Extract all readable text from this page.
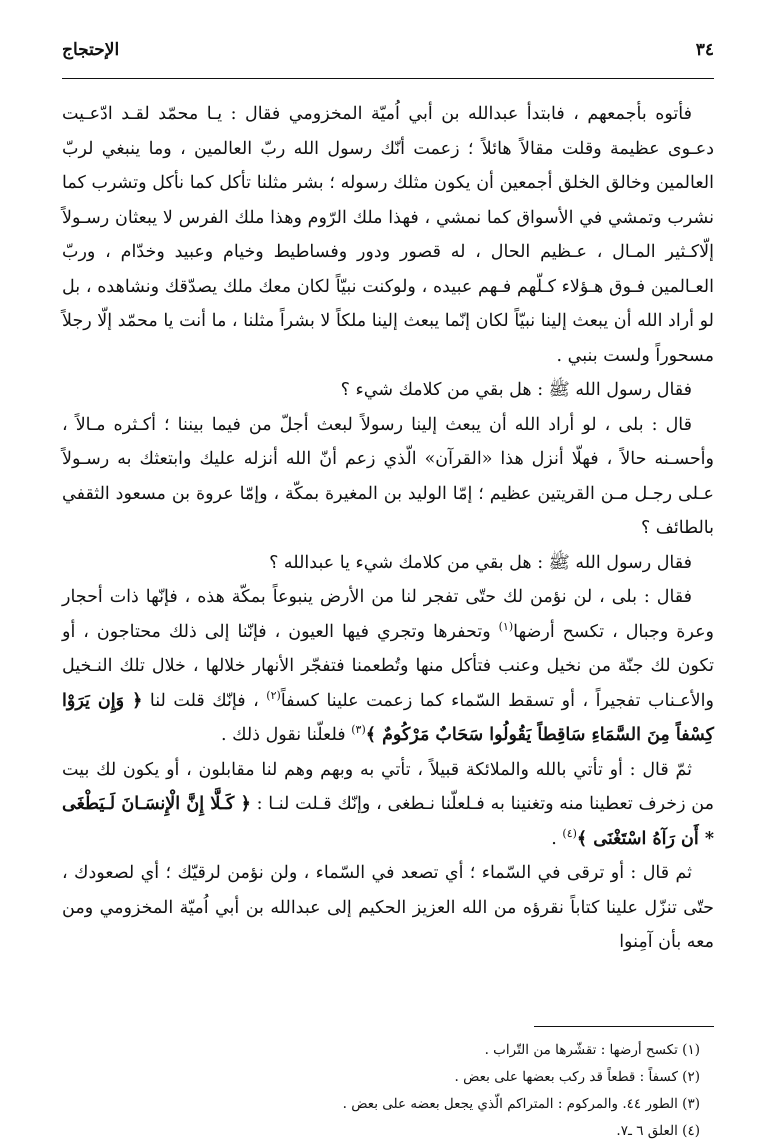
٣٤
الإحتجاج

فأتوه بأجمعهم ، فابتدأ عبدالله بن أبي اُميّة المخزومي فقال : يـا محمّد لقـد ادّعـيت دعـوى عظيمة وقلت مقالاً هائلاً ؛ زعمت أنّك رسول الله ربّ العالمين ، وما ينبغي لربّ العالمين وخالق الخلق أجمعين أن يكون مثلك رسوله ؛ بشر مثلنا تأكل كما نأكل وتشرب كما نشرب وتمشي في الأسواق كما نمشي ، فهذا ملك الرّوم وهذا ملك الفرس لا يبعثان رسـولاً إلّاكـثير المـال ، عـظيم الحال ، له قصور ودور وفساطيط وخيام وعبيد وخدّام ، وربّ العـالمين فـوق هـؤلاء كـلّهم فـهم عبيده ، ولوكنت نبيّاً لكان معك ملك يصدّقك ونشاهده ، بل لو أراد الله أن يبعث إلينا نبيّاً لكان إنّما يبعث إلينا ملكاً لا بشراً مثلنا ، ما أنت يا محمّد إلّا رجلاً مسحوراً ولست بنبي .

فقال رسول الله ﷺ : هل بقي من كلامك شيء ؟

قال : بلى ، لو أراد الله أن يبعث إلينا رسولاً لبعث أجلّ من فيما بيننا ؛ أكـثره مـالاً ، وأحسـنه حالاً ، فهلّا أنزل هذا «القرآن» الّذي زعم أنّ الله أنزله عليك وابتعثك به رسـولاً عـلى رجـل مـن القريتين عظيم ؛ إمّا الوليد بن المغيرة بمكّة ، وإمّا عروة بن مسعود الثقفي بالطائف ؟

فقال رسول الله ﷺ : هل بقي من كلامك شيء يا عبدالله ؟

فقال : بلى ، لن نؤمن لك حتّى تفجر لنا من الأرض ينبوعاً بمكّة هذه ، فإنّها ذات أحجار وعرة وجبال ، تكسح أرضها$^{(١)}$ وتحفرها وتجري فيها العيون ، فإنّنا إلى ذلك محتاجون ، أو تكون لك جنّة من نخيل وعنب فتأكل منها وتُطعمنا فتفجّر الأنهار خلالها ، خلال تلك النـخيل والأعـناب تفجيراً ، أو تسقط السّماء كما زعمت علينا كسفاً$^{(٢)}$ ، فإنّك قلت لنا ﴿ وَإِن يَرَوْا كِسْفاً مِنَ السَّمَاءِ سَاقِطاً يَقُولُوا سَحَابٌ مَرْكُومٌ ﴾$^{(٣)}$ فلعلّنا نقول ذلك .

ثمّ قال : أو تأتي بالله والملائكة قبيلاً ، تأتي به وبهم وهم لنا مقابلون ، أو يكون لك بيت من زخرف تعطينا منه وتغنينا به فـلعلّنا نـطغى ، وإنّك قـلت لنـا : ﴿ كَـلَّا إِنَّ الْإِنسَـانَ لَـيَطْغَى * أَن رَآهُ اسْتَغْنَى ﴾$^{(٤)}$ .

ثم قال : أو ترقى في السّماء ؛ أي تصعد في السّماء ، ولن نؤمن لرقيّك ؛ أي لصعودك ، حتّى تنزّل علينا كتاباً نقرؤه من الله العزيز الحكيم إلى عبدالله بن أبي اُميّة المخزومي ومن معه بأن آمِنوا

(١) تكسح أرضها : تقشّرها من التّراب .

(٢) كسفاً : قطعاً قد ركب بعضها على بعض .

(٣) الطور ٤٤. والمركوم : المتراكم الّذي يجعل بعضه على بعض .

(٤) العلق ٦ ـ٧.
